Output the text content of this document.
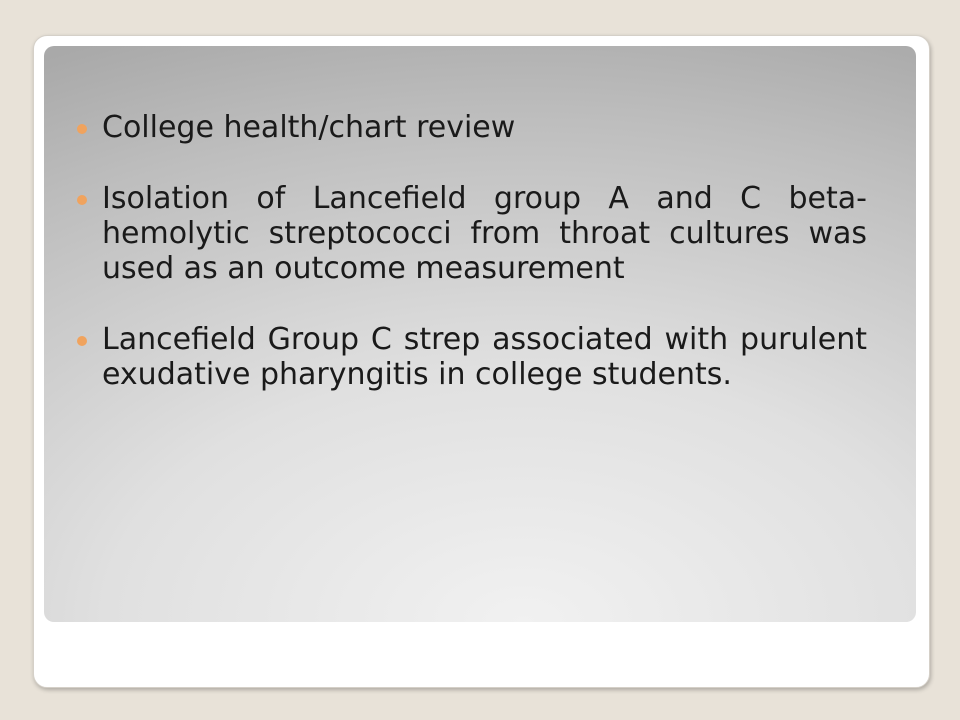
College health/chart review
Isolation of Lancefield group A and C beta-hemolytic streptococci from throat cultures was used as an outcome measurement
Lancefield Group C strep associated with purulent exudative pharyngitis in college students.
